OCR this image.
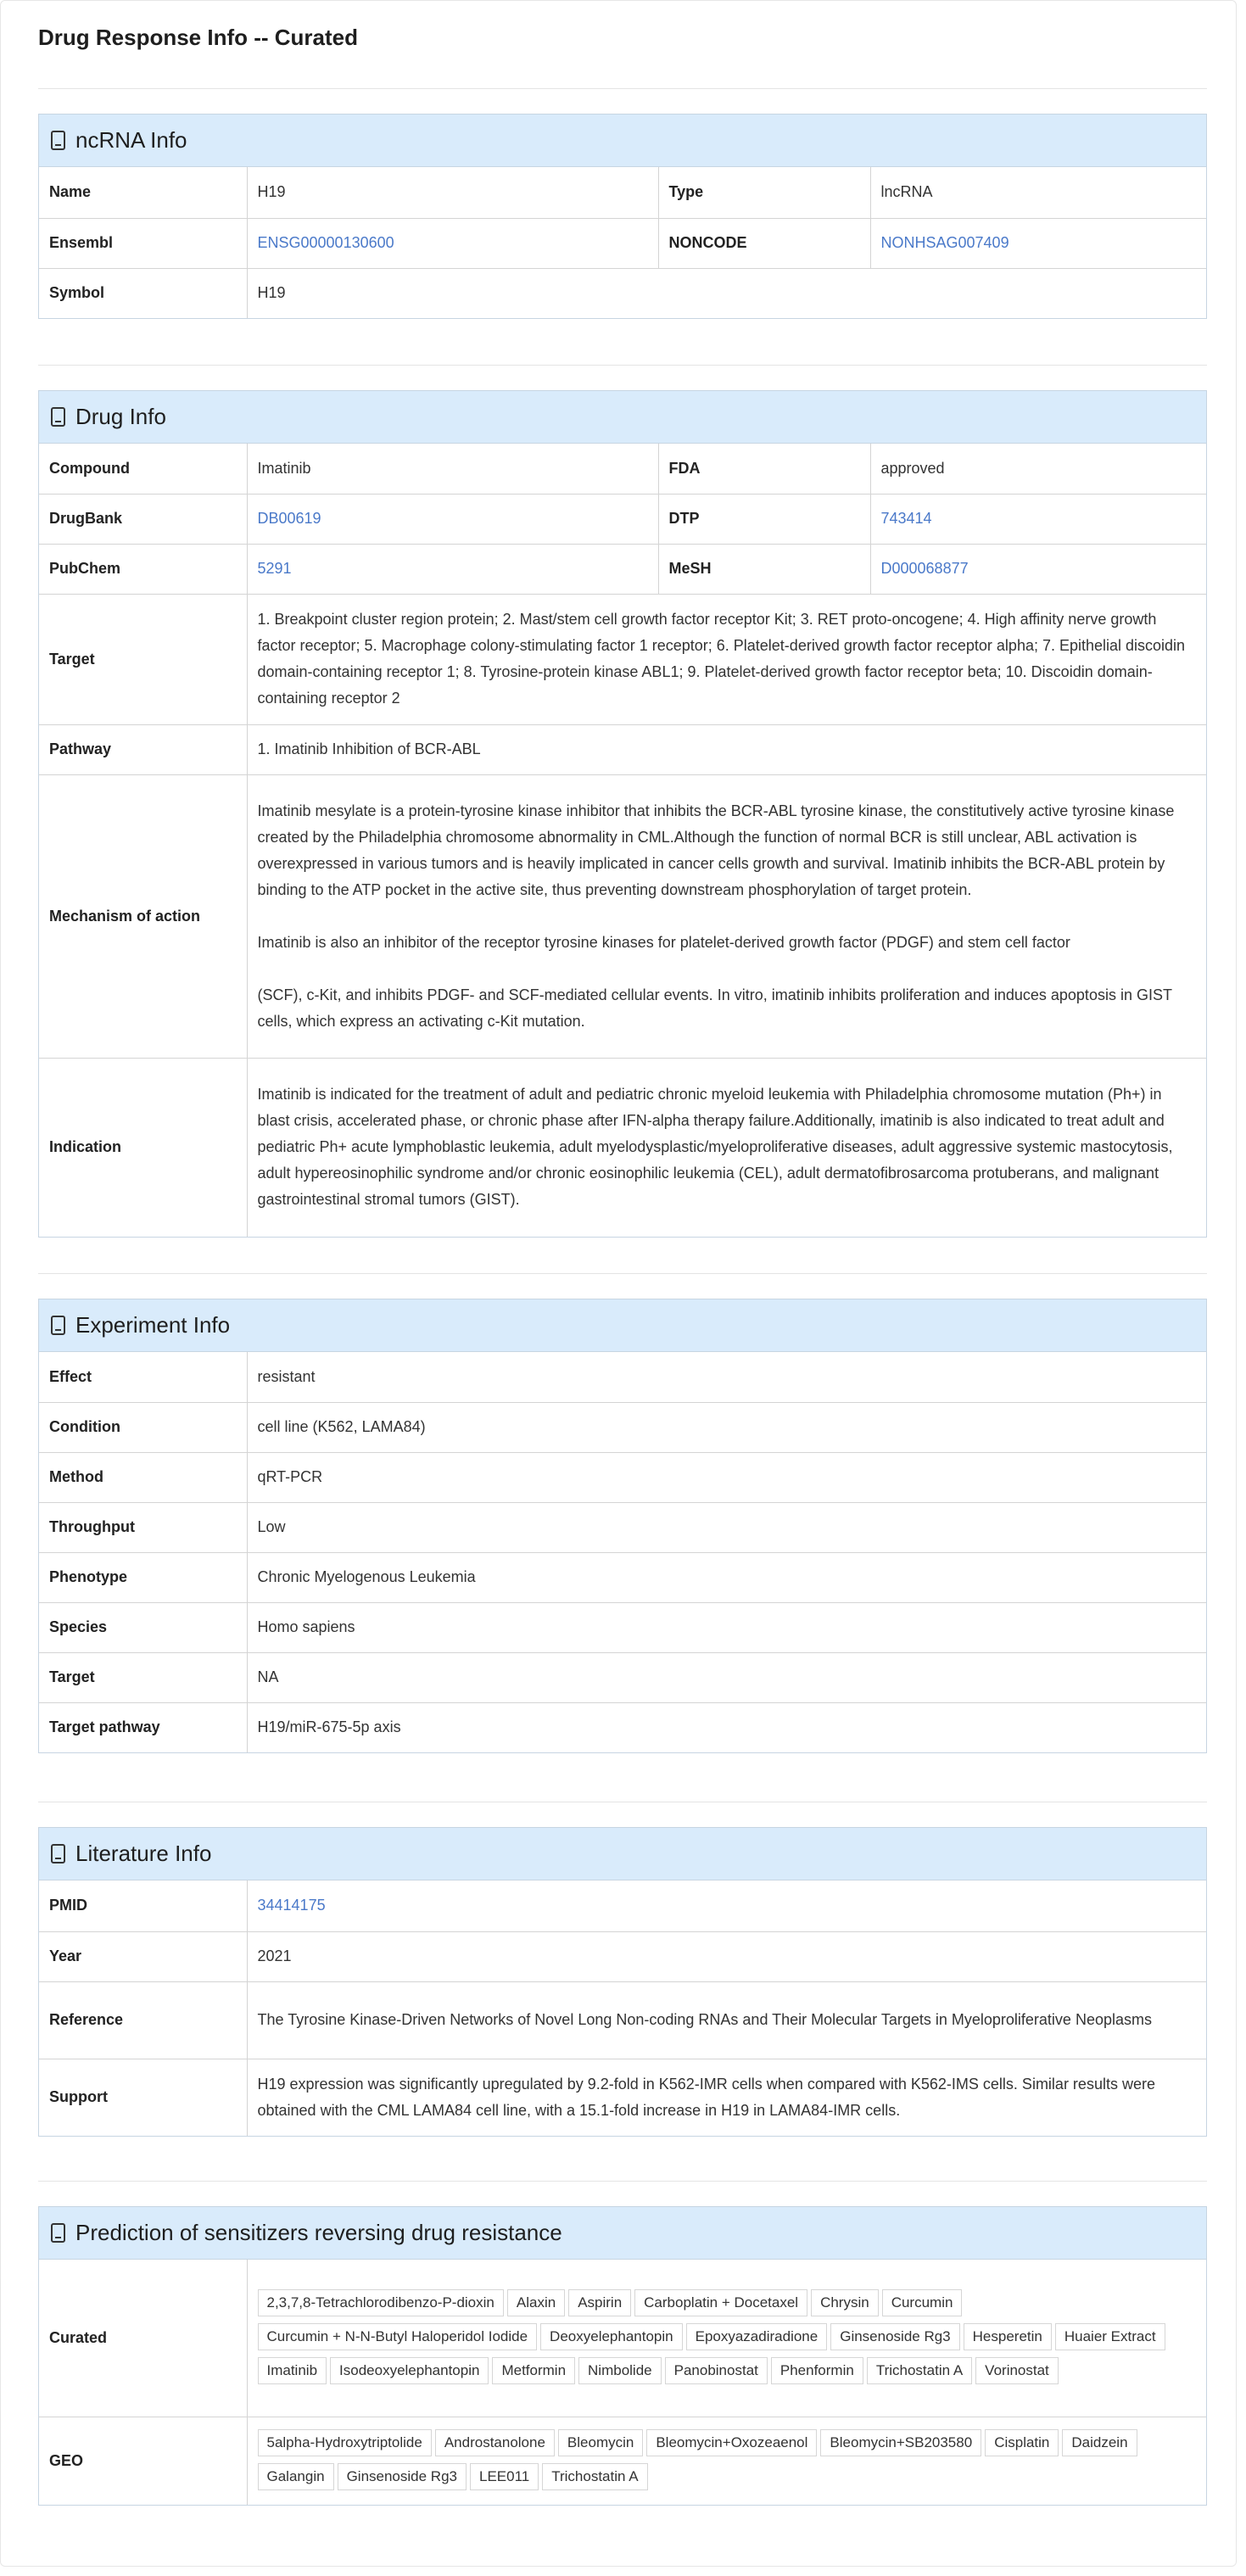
Drug Response Info -- Curated
ncRNA Info
Name	H19	Type	lncRNA
Ensembl	ENSG00000130600	NONCODE	NONHSAG007409
Symbol	H19		
Drug Info
Compound	Imatinib	FDA	approved
DrugBank	DB00619	DTP	743414
PubChem	5291	MeSH	D000068877
Target	1. Breakpoint cluster region protein; 2. Mast/stem cell growth factor receptor Kit; 3. RET proto-oncogene; 4. High affinity nerve growth factor receptor; 5. Macrophage colony-stimulating factor 1 receptor; 6. Platelet-derived growth factor receptor alpha; 7. Epithelial discoidin domain-containing receptor 1; 8. Tyrosine-protein kinase ABL1; 9. Platelet-derived growth factor receptor beta; 10. Discoidin domain-containing receptor 2		
Pathway	1. Imatinib Inhibition of BCR-ABL		
Mechanism of action	Imatinib mesylate is a protein-tyrosine kinase inhibitor that inhibits the BCR-ABL tyrosine kinase, the constitutively active tyrosine kinase created by the Philadelphia chromosome abnormality in CML.Although the function of normal BCR is still unclear, ABL activation is overexpressed in various tumors and is heavily implicated in cancer cells growth and survival. Imatinib inhibits the BCR-ABL protein by binding to the ATP pocket in the active site, thus preventing downstream phosphorylation of target protein.

Imatinib is also an inhibitor of the receptor tyrosine kinases for platelet-derived growth factor (PDGF) and stem cell factor

(SCF), c-Kit, and inhibits PDGF- and SCF-mediated cellular events. In vitro, imatinib inhibits proliferation and induces apoptosis in GIST cells, which express an activating c-Kit mutation.		

Indication	Imatinib is indicated for the treatment of adult and pediatric chronic myeloid leukemia with Philadelphia chromosome mutation (Ph+) in blast crisis, accelerated phase, or chronic phase after IFN-alpha therapy failure.Additionally, imatinib is also indicated to treat adult and pediatric Ph+ acute lymphoblastic leukemia, adult myelodysplastic/myeloproliferative diseases, adult aggressive systemic mastocytosis, adult hypereosinophilic syndrome and/or chronic eosinophilic leukemia (CEL), adult dermatofibrosarcoma protuberans, and malignant gastrointestinal stromal tumors (GIST).		
Experiment Info
Effect	resistant
Condition	cell line (K562, LAMA84)
Method	qRT-PCR
Throughput	Low
Phenotype	Chronic Myelogenous Leukemia
Species	Homo sapiens
Target	NA
Target pathway	H19/miR-675-5p axis
Literature Info
PMID	34414175
Year	2021
Reference	The Tyrosine Kinase-Driven Networks of Novel Long Non-coding RNAs and Their Molecular Targets in Myeloproliferative Neoplasms
Support	H19 expression was significantly upregulated by 9.2-fold in K562-IMR cells when compared with K562-IMS cells. Similar results were obtained with the CML LAMA84 cell line, with a 15.1-fold increase in H19 in LAMA84-IMR cells.
Prediction of sensitizers reversing drug resistance
Curated	2,3,7,8-Tetrachlorodibenzo-P-dioxin Alaxin Aspirin Carboplatin + Docetaxel Chrysin CurcuminCurcumin + N-N-Butyl Haloperidol Iodide Deoxyelephantopin Epoxyazadiradione Ginsenoside Rg3 Hesperetin Huaier ExtractImatinib Isodeoxyelephantopin Metformin Nimbolide Panobinostat Phenformin Trichostatin A Vorinostat
GEO	5alpha-Hydroxytriptolide Androstanolone Bleomycin Bleomycin+Oxozeaenol Bleomycin+SB203580 Cisplatin DaidzeinGalangin Ginsenoside Rg3 LEE011 Trichostatin A
